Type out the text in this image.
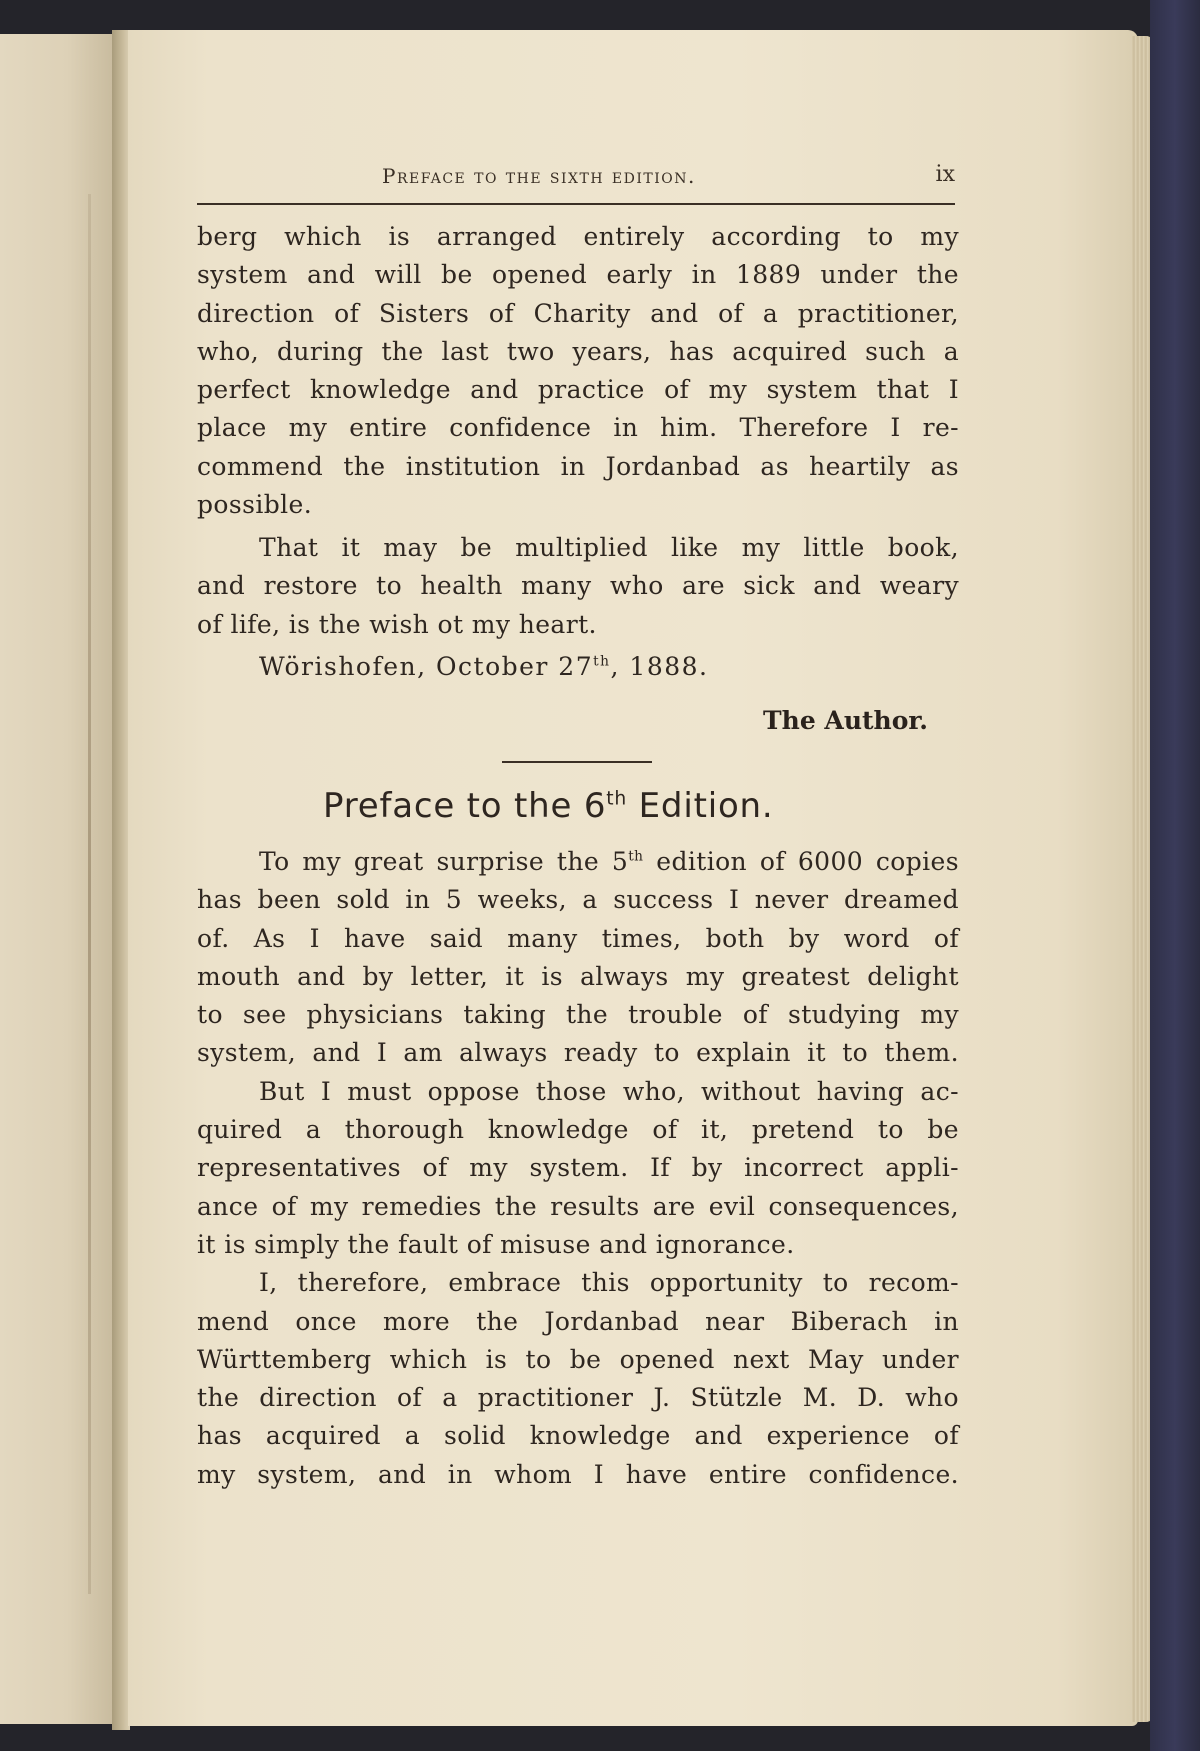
Preface to the sixth edition.	ix
berg which is arranged entirely according to my
system and will be opened early in 1889 under the
direction of Sisters of Charity and of a practitioner,
who, during the last two years, has acquired such a
perfect knowledge and practice of my system that I
place my entire confidence in him. Therefore I re-
commend the institution in Jordanbad as heartily as
possible.
That it may be multiplied like my little book,
and restore to health many who are sick and weary
of life, is the wish ot my heart.
Wörishofen, October 27th, 1888.
The Author.
Preface to the 6th Edition.
To my great surprise the 5th edition of 6000 copies
has been sold in 5 weeks, a success I never dreamed
of. As I have said many times, both by word of
mouth and by letter, it is always my greatest delight
to see physicians taking the trouble of studying my
system, and I am always ready to explain it to them.
But I must oppose those who, without having ac-
quired a thorough knowledge of it, pretend to be
representatives of my system. If by incorrect appli-
ance of my remedies the results are evil consequences,
it is simply the fault of misuse and ignorance.
I, therefore, embrace this opportunity to recom-
mend once more the Jordanbad near Biberach in
Württemberg which is to be opened next May under
the direction of a practitioner J. Stützle M. D. who
has acquired a solid knowledge and experience of
my system, and in whom I have entire confidence.
